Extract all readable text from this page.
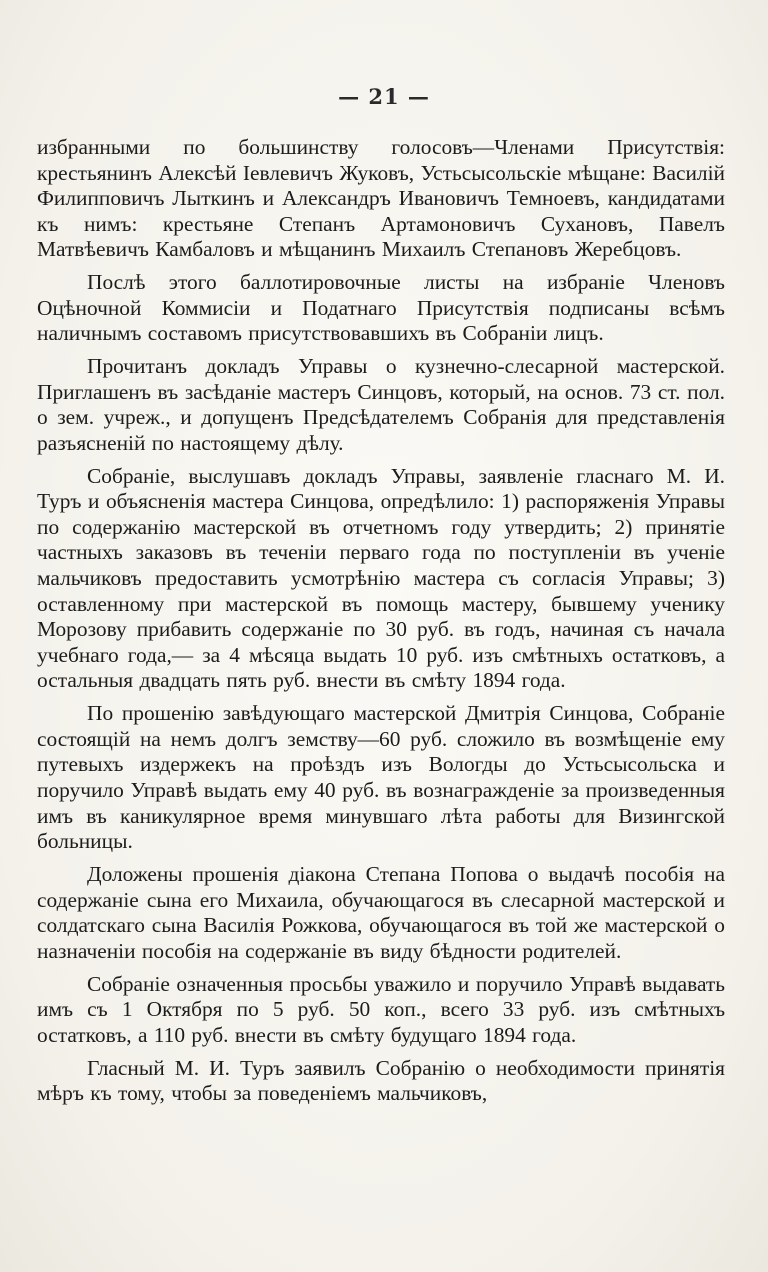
— 21 —

избранными по большинству голосовъ—Членами Присутствія: крестьянинъ Алексѣй Іевлевичъ Жуковъ, Устьсысольскіе мѣщане: Василій Филипповичъ Лыткинъ и Александръ Ивановичъ Темноевъ, кандидатами къ нимъ: крестьяне Степанъ Артамоновичъ Сухановъ, Павелъ Матвѣевичъ Камбаловъ и мѣщанинъ Михаилъ Степановъ Жеребцовъ.

Послѣ этого баллотировочные листы на избраніе Членовъ Оцѣночной Коммисіи и Податнаго Присутствія подписаны всѣмъ наличнымъ составомъ присутствовавшихъ въ Собраніи лицъ.

Прочитанъ докладъ Управы о кузнечно-слесарной мастерской. Приглашенъ въ засѣданіе мастеръ Синцовъ, который, на основ. 73 ст. пол. о зем. учреж., и допущенъ Предсѣдателемъ Собранія для представленія разъясненій по настоящему дѣлу.

Собраніе, выслушавъ докладъ Управы, заявленіе гласнаго М. И. Туръ и объясненія мастера Синцова, опредѣлило: 1) распоряженія Управы по содержанію мастерской въ отчетномъ году утвердить; 2) принятіе частныхъ заказовъ въ теченіи перваго года по поступленіи въ ученіе мальчиковъ предоставить усмотрѣнію мастера съ согласія Управы; 3) оставленному при мастерской въ помощь мастеру, бывшему ученику Морозову прибавить содержаніе по 30 руб. въ годъ, начиная съ начала учебнаго года,— за 4 мѣсяца выдать 10 руб. изъ смѣтныхъ остатковъ, а остальныя двадцать пять руб. внести въ смѣту 1894 года.

По прошенію завѣдующаго мастерской Дмитрія Синцова, Собраніе состоящій на немъ долгъ земству—60 руб. сложило въ возмѣщеніе ему путевыхъ издержекъ на проѣздъ изъ Вологды до Устьсысольска и поручило Управѣ выдать ему 40 руб. въ вознагражденіе за произведенныя имъ въ каникулярное время минувшаго лѣта работы для Визингской больницы.

Доложены прошенія діакона Степана Попова о выдачѣ пособія на содержаніе сына его Михаила, обучающагося въ слесарной мастерской и солдатскаго сына Василія Рожкова, обучающагося въ той же мастерской о назначеніи пособія на содержаніе въ виду бѣдности родителей.

Собраніе означенныя просьбы уважило и поручило Управѣ выдавать имъ съ 1 Октября по 5 руб. 50 коп., всего 33 руб. изъ смѣтныхъ остатковъ, а 110 руб. внести въ смѣту будущаго 1894 года.

Гласный М. И. Туръ заявилъ Собранію о необходимости принятія мѣръ къ тому, чтобы за поведеніемъ мальчиковъ,
